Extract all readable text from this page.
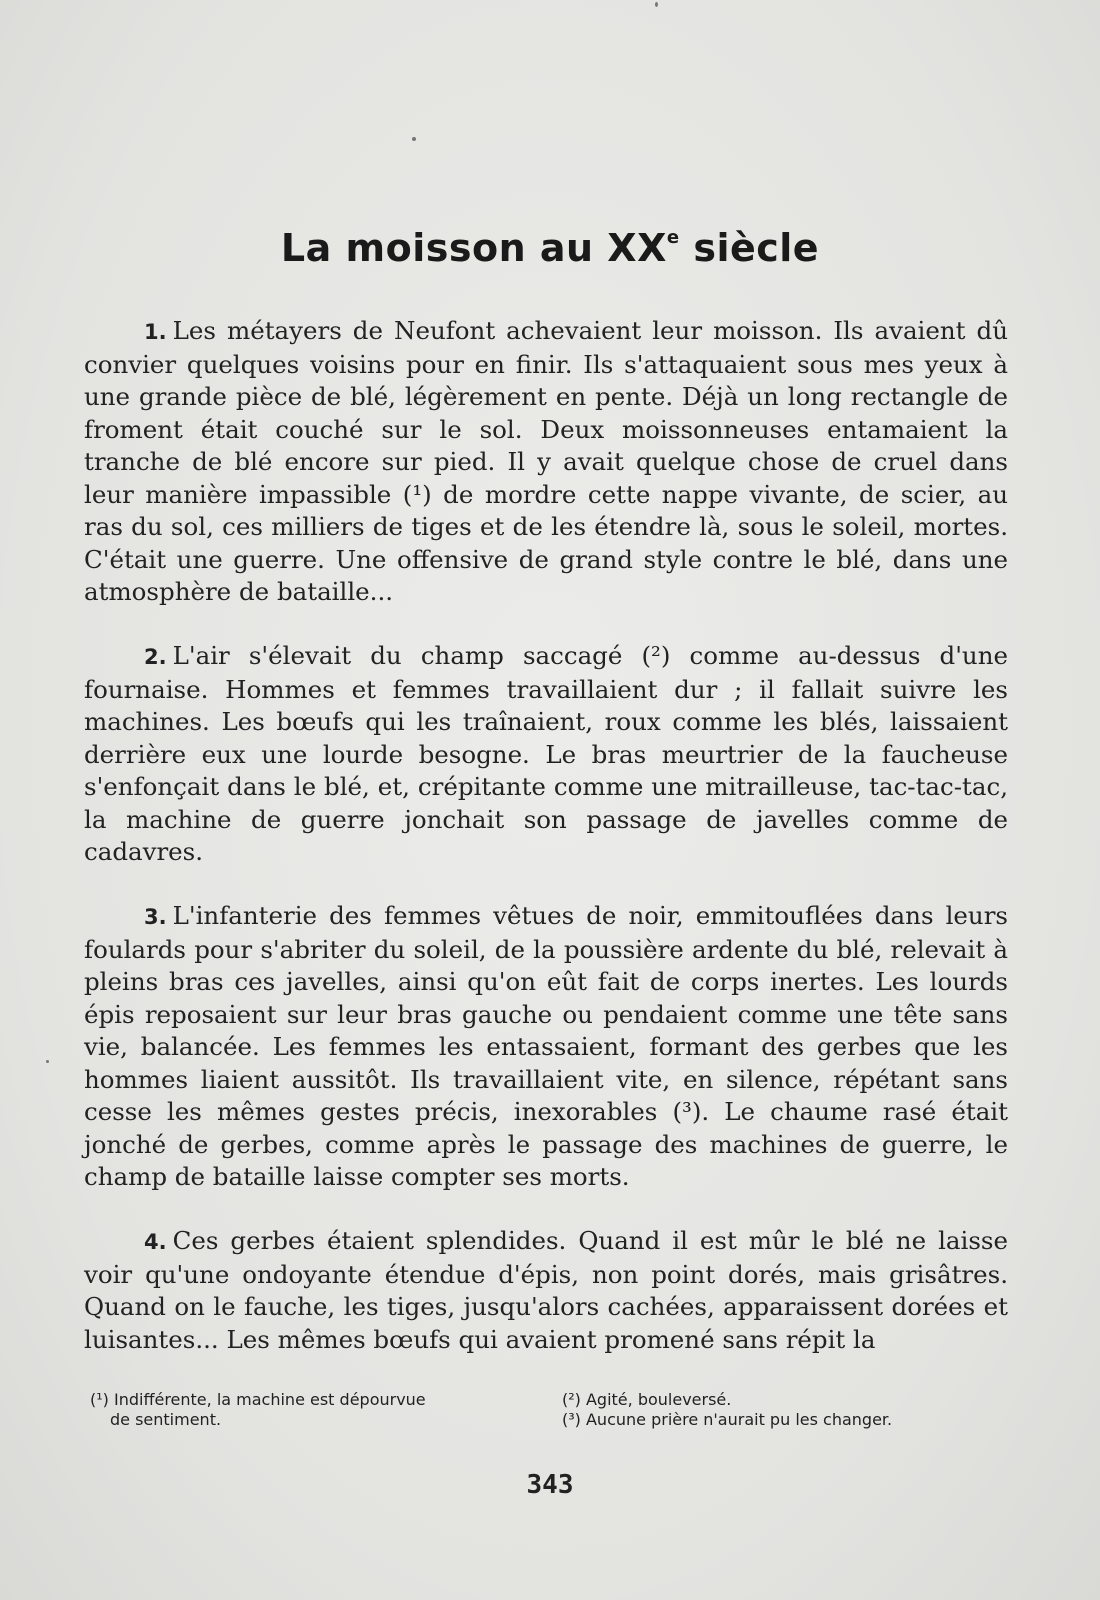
La moisson au XXe siècle
1. Les métayers de Neufont achevaient leur moisson. Ils avaient dû convier quelques voisins pour en finir. Ils s'attaquaient sous mes yeux à une grande pièce de blé, légèrement en pente. Déjà un long rectangle de froment était couché sur le sol. Deux moissonneuses entamaient la tranche de blé encore sur pied. Il y avait quelque chose de cruel dans leur manière impassible (¹) de mordre cette nappe vivante, de scier, au ras du sol, ces milliers de tiges et de les étendre là, sous le soleil, mortes. C'était une guerre. Une offensive de grand style contre le blé, dans une atmosphère de bataille...
2. L'air s'élevait du champ saccagé (²) comme au-dessus d'une fournaise. Hommes et femmes travaillaient dur ; il fallait suivre les machines. Les bœufs qui les traînaient, roux comme les blés, laissaient derrière eux une lourde besogne. Le bras meurtrier de la faucheuse s'enfonçait dans le blé, et, crépitante comme une mitrailleuse, tac-tac-tac, la machine de guerre jonchait son passage de javelles comme de cadavres.
3. L'infanterie des femmes vêtues de noir, emmitouflées dans leurs foulards pour s'abriter du soleil, de la poussière ardente du blé, relevait à pleins bras ces javelles, ainsi qu'on eût fait de corps inertes. Les lourds épis reposaient sur leur bras gauche ou pendaient comme une tête sans vie, balancée. Les femmes les entassaient, formant des gerbes que les hommes liaient aussitôt. Ils travaillaient vite, en silence, répétant sans cesse les mêmes gestes précis, inexorables (³). Le chaume rasé était jonché de gerbes, comme après le passage des machines de guerre, le champ de bataille laisse compter ses morts.
4. Ces gerbes étaient splendides. Quand il est mûr le blé ne laisse voir qu'une ondoyante étendue d'épis, non point dorés, mais grisâtres. Quand on le fauche, les tiges, jusqu'alors cachées, apparaissent dorées et luisantes... Les mêmes bœufs qui avaient promené sans répit la
(¹) Indifférente, la machine est dépourvue
de sentiment.
(²) Agité, bouleversé.
(³) Aucune prière n'aurait pu les changer.
343
